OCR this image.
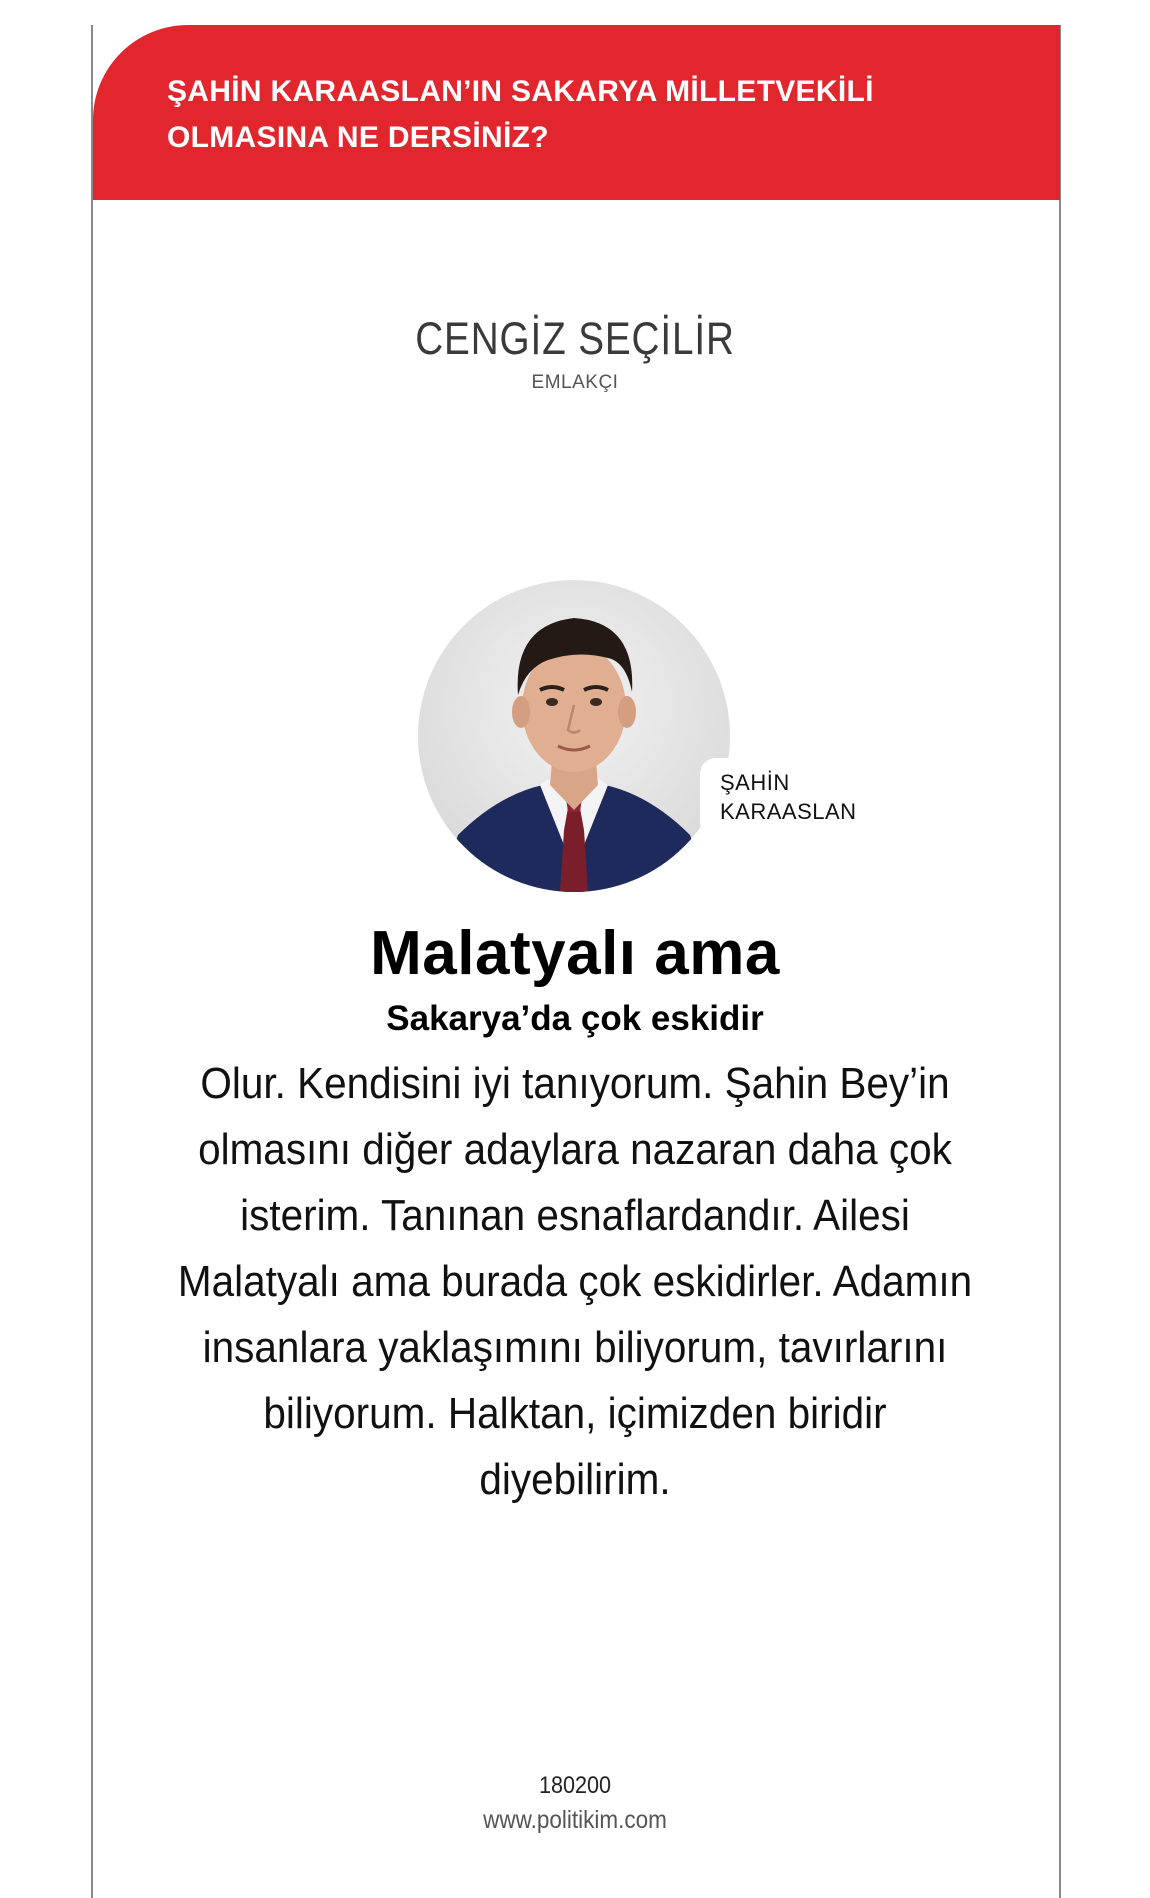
ŞAHİN KARAASLAN’IN SAKARYA MİLLETVEKİLİ OLMASINA NE DERSİNİZ?
CENGİZ SEÇİLİR
EMLAKÇI
ŞAHİN KARAASLAN
Malatyalı ama
Sakarya’da çok eskidir

Olur. Kendisini iyi tanıyorum. Şahin Bey’in olmasını diğer adaylara nazaran daha çok isterim. Tanınan esnaflardandır. Ailesi Malatyalı ama burada çok eskidirler. Adamın insanlara yaklaşımını biliyorum, tavırlarını biliyorum. Halktan, içimizden biridir diyebilirim.

180200
www.politikim.com
